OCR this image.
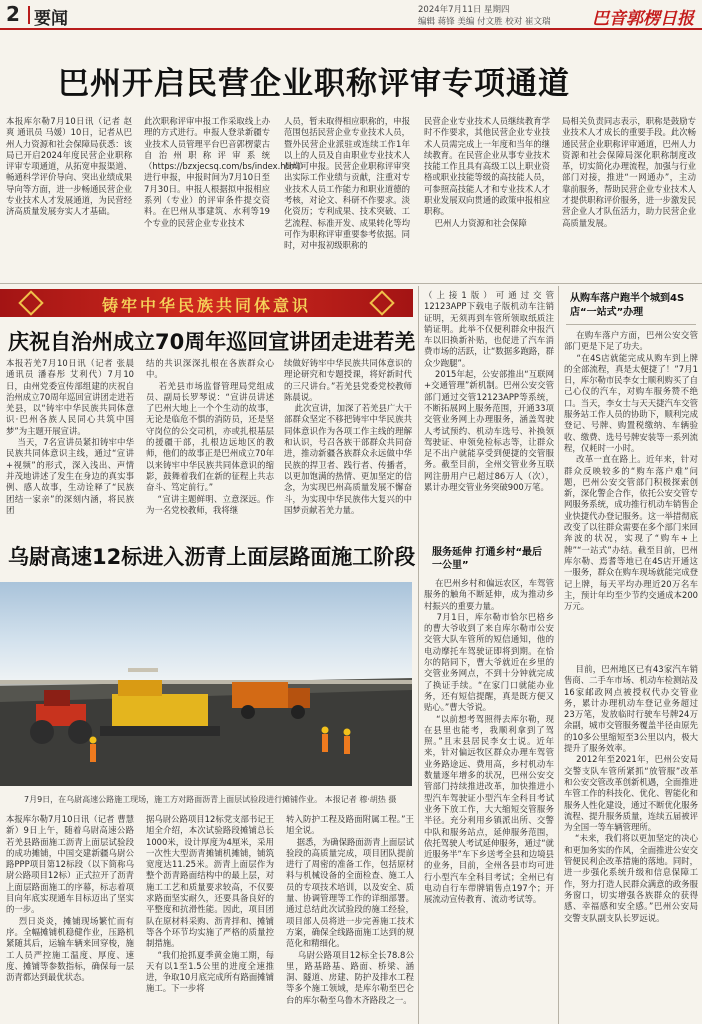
2 要闻	2024年7月11日 星期四
编辑 蒋锋 美编 付文胜 校对 崔文瑞 巴音郭楞日报
巴州开启民营企业职称评审专项通道
本报库尔勒7月10日讯（记者 赵爽 通讯员 马媛）10日，记者从巴州人力资源和社会保障局获悉：该局已开启2024年度民营企业职称评审专项通道，从拓宽申报渠道、畅通科学评价导向、突出业绩成果导向等方面，进一步畅通民营企业专业技术人才发展通道，为民营经济高质量发展夯实人才基础。
此次职称评审申报工作采取线上办理的方式进行。申报人登录新疆专业技术人员管理平台巴音郭楞蒙古自治州职称评审系统（https://bzxjecsq.com/bs/index.html）进行申报，申报时间为7月10日至7月30日。申报人根据拟申报相应系列（专业）的评审条件提交资料。在巴州从事建筑、水利等19个专业的民营企业专业技术
人员，暂未取得相应职称的，申报范围包括民营企业专业技术人员，暨外民营企业派驻或连续工作1年以上的人员及自由职业专业技术人员均可申报。民营企业职称评审突出实际工作业绩与贡献，注重对专业技术人员工作能力和职业道德的考核，对论文、科研不作要求。淡化资历；专利成果、技术突破、工艺流程、标准开发、成果转化等均可作为职称评审重要参考依据。同时，对申报初级职称的
民营企业专业技术人员继续教育学时不作要求，其他民营企业专业技术人员需完成上一年度和当年的继续教育。在民营企业从事专业技术技能工作且具有高级工以上职业资格或职业技能等级的高技能人员，可参照高技能人才和专业技术人才职业发展双向贯通的政策申报相应职称。
巴州人力资源和社会保障
局相关负责同志表示，职称是鼓励专业技术人才成长的重要手段。此次畅通民营企业职称评审通道，巴州人力资源和社会保障局深化职称制度改革，切实简化办理流程，加强与行业部门对接，推进“一网通办”，主动靠前服务，帮助民营企业专业技术人才提供职称评价服务，进一步激发民营企业人才队伍活力，助力民营企业高质量发展。
铸牢中华民族共同体意识
庆祝自治州成立70周年巡回宣讲团走进若羌
本报若羌7月10日讯（记者 张晨 通讯员 潘春彤 艾利代）7月10日，由州党委宣传部组建的庆祝自治州成立70周年巡回宣讲团走进若羌县，以“铸牢中华民族共同体意识·巴州各族人民同心共筑中国梦”为主题开展宣讲。
当天，7名宣讲员紧扣铸牢中华民族共同体意识主线，通过“宣讲+视频”的形式，深入浅出、声情并茂地讲述了发生在身边的真实事例、感人故事，生动诠释了“民族团结一家亲”的深刻内涵，将民族团
结的共识深深扎根在各族群众心中。
若羌县市场监督管理局党组成员、副局长罗琴说：“宣讲员讲述了巴州大地上一个个生动的故事，无论是临危不惧的消防员，还是坚守岗位的公交司机，亦或扎根基层的援疆干部，扎根边远地区的教师，他们的故事正是巴州成立70年以来铸牢中华民族共同体意识的缩影，鼓舞着我们在新的征程上共志奋斗、笃定前行。”
“宣讲主题鲜明、立意深远。作为一名党校教师，我将继
续做好铸牢中华民族共同体意识的理论研究和专题授课，将好新时代的三尺讲台。”若羌县党委党校教师陈晨说。
此次宣讲，加深了若羌县广大干部群众坚定不移把铸牢中华民族共同体意识作为各项工作主线的理解和认识，号召各族干部群众共同奋进，推动新疆各族群众永远做中华民族的捍卫者、践行者、传播者，以更加饱满的热情、更加坚定的信念，为实现巴州高质量发展不懈奋斗，为实现中华民族伟大复兴的中国梦贡献若羌力量。
乌尉高速12标进入沥青上面层路面施工阶段
7月9日，在乌尉高速公路施工现场，施工方对路面沥青上面层试验段进行摊铺作业。 本报记者 穆·胡热 摄
本报库尔勒7月10日讯（记者 曹慧新）9日上午，随着乌尉高速公路若羌县路面施工沥青上面层试验段的成功摊铺，中国交建新疆乌尉公路PPP项目第12标段（以下简称乌尉公路项目12标）正式拉开了沥青上面层路面施工的序幕，标志着项目向年底实现通车目标迈出了坚实的一步。
烈日炎炎，摊铺现场繁忙而有序。全幅摊铺机稳健作业，压路机紧随其后，运输车辆来回穿梭，施工人员严控施工温度、厚度、速度、摊铺等参数指标，确保每一层沥青都达到最优状态。
据乌尉公路项目12标党支部书记王旭全介绍，本次试验路段摊铺总长1000米，设计厚度为4厘米，采用一次性大型沥青摊铺机摊铺，铺筑宽度达11.25米。沥青上面层作为整个沥青路面结构中的最上层，对施工工艺和质量要求较高，不仅要求路面坚实耐久，还要具备良好的平整度和抗滑性能。因此，项目团队在原材料采购、沥青拌和、摊铺等各个环节均实施了严格的质量控制措施。
“我们抢抓夏季黄金施工期，每天有以1至1.5公里的进度全速推进，争取10月底完成所有路面摊铺施工。下一步将
转入防护工程及路面附属工程。”王旭全说。
据悉，为确保路面沥青上面层试验段的高质量完成，项目团队提前进行了周密的准备工作，包括原材料与机械设备的全面检查、施工人员的专项技术培训，以及安全、质量、协调管理等工作的详细部署。通过总结此次试验段的施工经验，项目部人员将进一步完善施工技术方案，确保全线路面施工达到的规范化和精细化。
乌尉公路项目12标全长78.8公里，路基路基、路面、桥梁、涵洞、隧道、房建、防护及排水工程等多个施工领域，是库尔勒至巴仑台的库尔勒至乌鲁木齐路段之一。
（上接1版）可通过交管12123APP下载电子版机动车注销证明，无须再到车管所领取纸质注销证明。此举不仅便利群众申报汽车以旧换新补贴，也促进了汽车消费市场的活跃，让“数据多跑路，群众少跑腿”。
2015年起，公安部推出“互联网+交通管理”新机制。巴州公安交管部门通过交管12123APP等系统，不断拓展网上服务范围，开通33项交管业务网上办理服务，涵盖驾驶人考试预约、机动车选号、补换领驾驶证、申领免检标志等，让群众足不出户就能享受到便捷的交管服务。截至目前，全州交管业务互联网注册用户已超过86万人（次），累计办理交管业务突破900万笔。
服务延伸 打通乡村“最后一公里”
在巴州乡村和偏远农区，车驾管服务的触角不断延伸，成为推动乡村振兴的重要力量。
7月1日，库尔勒市恰尔巴格乡的曹大爷收到了来自库尔勒市公安交管大队车管所的短信通知，他的电动摩托车驾驶证即将到期。在恰尔的陪同下，曹大爷就近在乡里的交管业务网点，不到十分钟就完成了换证手续。“在家门口就能办业务，还有短信提醒，真是既方便又贴心。”曹大爷说。
“以前想考驾照得去库尔勒，现在县里也能考，我顺利拿到了驾照。”且末县居民李女士说。近年来，针对偏远牧区群众办理车驾管业务路途远、费用高，乡村机动车数量逐年增多的状况，巴州公安交管部门持续推进改革，加快推进小型汽车驾驶证小型汽车全科目考试业务下放工作，大大缩短交管服务半径。充分利用乡镇派出所、交警中队和服务站点，延伸服务范围，依托驾驶人考试延伸服务，通过“就近服务半”车下乡送考全县和边境县的业务，目前，全州各县市均可进行小型汽车全科目考试；全州已有电动自行车带牌销售点197个；开展流动宣传教育、流动考试等。
从购车落户跑半个城到4S店“一站式”办理
在购车落户方面，巴州公安交管部门更是下足了功夫。
“在4S店就能完成从购车到上牌的全部流程，真是太便捷了！”7月1日，库尔勒市民李女士顺利购买了自己心仪的汽车，对购车服务赞不绝口。当天，李女士与天天捷汽车交管服务站工作人员的协助下，顺利完成登记、号牌、购置税缴纳、车辆验收、缴费、选号号牌安装等一系列流程，仅耗时一小时。
改革一直在路上。近年来，针对群众反映较多的“购车落户难”问题，巴州公安交管部门积极探索创新，深化警企合作，依托公安交管专网服务系统，成功推行机动车销售企业快捷代办登记服务。这一举措彻底改变了以往群众需要在多个部门来回奔波的状况，实现了“购车+上牌”“一站式”办结。截至目前，巴州库尔勒、焉耆等地已在4S店开通这一服务，群众在购车现场就能完成登记上牌，每天平均办理近20万名车主，预计年均至少节约交通成本200万元。
目前，巴州地区已有43家汽车销售商、二手车市场、机动车检测站及16家邮政网点被授权代办交管业务，累计办理机动车登记业务超过23万笔，发放临时行驶车号牌24万余副，城市交管服务覆盖半径由原先的10多公里缩短至3公里以内，极大提升了服务效率。
2012年至2021年，巴州公安局交警支队车管所紧抓“放管服”改革和公安交管改革创新机遇，全面推进车管工作的科技化、优化、智能化和服务人性化建设，通过不断优化服务流程、提升服务质量，连续五届被评为全国一等车辆管理所。
“未来，我们将以更加坚定的决心和更加务实的作风，全面推进公安交管便民利企改革措施的落地。同时，进一步强化系统升级和信息保障工作，努力打造人民群众满意的政务服务窗口，切实增强各族群众的获得感、幸福感和安全感。”巴州公安局交警支队副支队长罗远说。
